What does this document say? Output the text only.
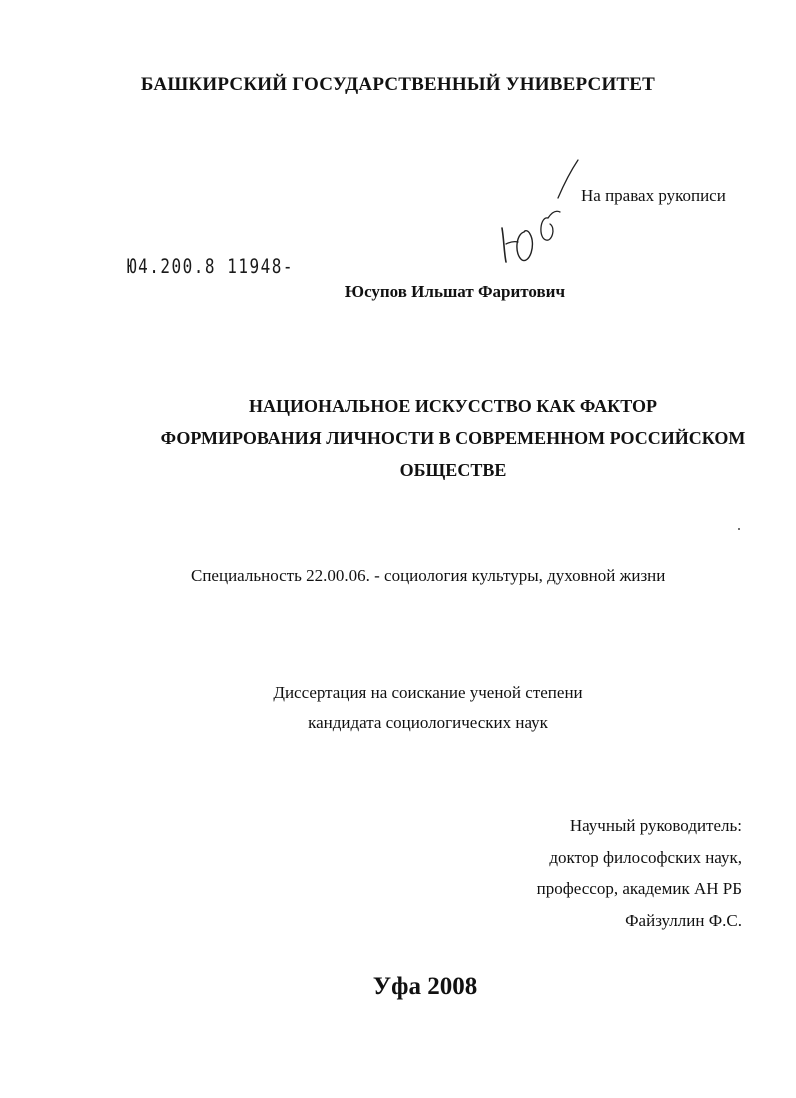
БАШКИРСКИЙ ГОСУДАРСТВЕННЫЙ УНИВЕРСИТЕТ
На правах рукописи
Ю4.200.8 11948-
Юсупов Ильшат Фаритович
НАЦИОНАЛЬНОЕ ИСКУССТВО КАК ФАКТОР
ФОРМИРОВАНИЯ ЛИЧНОСТИ В СОВРЕМЕННОМ РОССИЙСКОМ
ОБЩЕСТВЕ
Специальность 22.00.06. - социология культуры, духовной жизни
Диссертация на соискание ученой степени
кандидата социологических наук
Научный руководитель:
доктор философских наук,
профессор, академик АН РБ
Файзуллин Ф.С.
Уфа 2008
